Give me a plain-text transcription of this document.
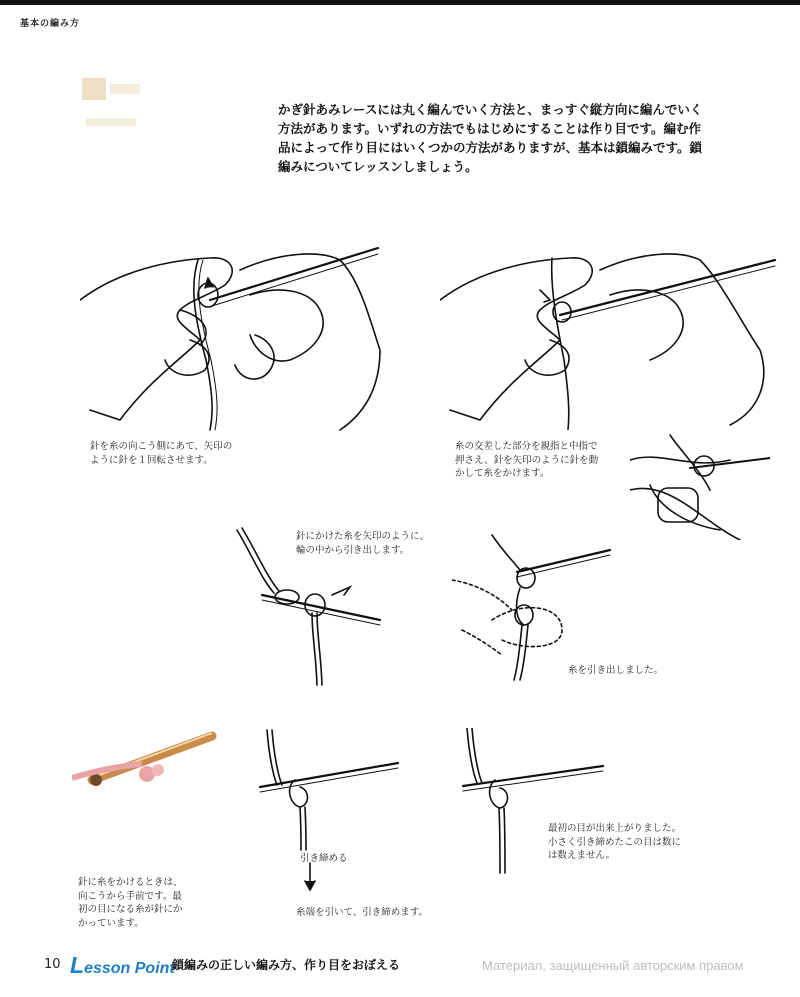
基本の編み方
かぎ針あみレースには丸く編んでいく方法と、まっすぐ縦方向に編んでいく方法があります。いずれの方法でもはじめにすることは作り目です。編む作品によって作り目にはいくつかの方法がありますが、基本は鎖編みです。鎖編みについてレッスンしましょう。
針を糸の向こう側にあて、矢印の
ように針を１回転させます。
糸の交差した部分を親指と中指で
押さえ、針を矢印のように針を動
かして糸をかけます。
針にかけた糸を矢印のように、
輪の中から引き出します。
糸を引き出しました。
針に糸をかけるときは、
向こうから手前です。最
初の目になる糸が針にか
かっています。
引き締める
糸端を引いて、引き締めます。
最初の目が出来上がりました。
小さく引き締めたこの目は数に
は数えません。
10 Lesson Point
鎖編みの正しい編み方、作り目をおぼえる	Материал, защищенный авторским правом
